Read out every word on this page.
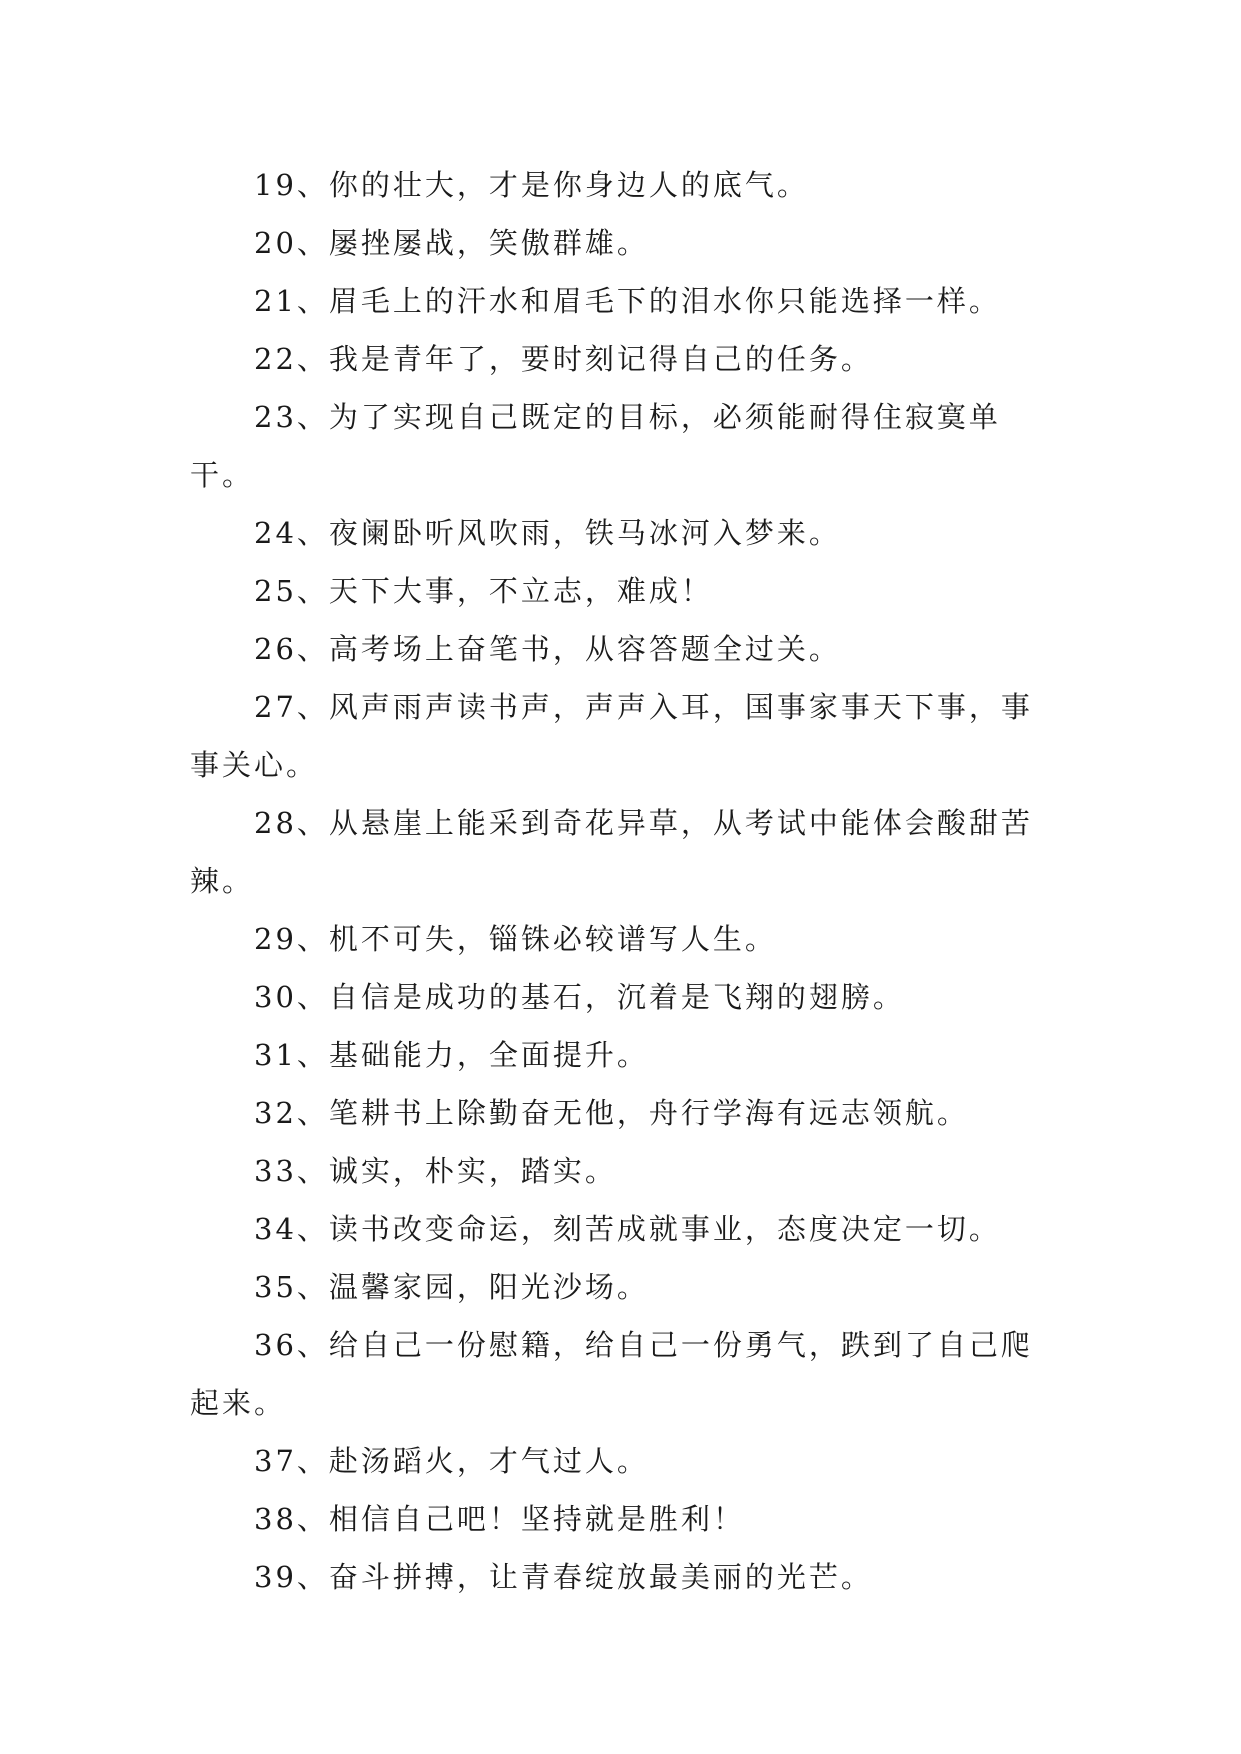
19、你的壮大，才是你身边人的底气。

20、屡挫屡战，笑傲群雄。

21、眉毛上的汗水和眉毛下的泪水你只能选择一样。

22、我是青年了，要时刻记得自己的任务。

23、为了实现自己既定的目标，必须能耐得住寂寞单干。

24、夜阑卧听风吹雨，铁马冰河入梦来。

25、天下大事，不立志，难成！

26、高考场上奋笔书，从容答题全过关。

27、风声雨声读书声，声声入耳，国事家事天下事，事事关心。

28、从悬崖上能采到奇花异草，从考试中能体会酸甜苦辣。

29、机不可失，锱铢必较谱写人生。

30、自信是成功的基石，沉着是飞翔的翅膀。

31、基础能力，全面提升。

32、笔耕书上除勤奋无他，舟行学海有远志领航。

33、诚实，朴实，踏实。

34、读书改变命运，刻苦成就事业，态度决定一切。

35、温馨家园，阳光沙场。

36、给自己一份慰籍，给自己一份勇气，跌到了自己爬起来。

37、赴汤蹈火，才气过人。

38、相信自己吧！坚持就是胜利！

39、奋斗拼搏，让青春绽放最美丽的光芒。
